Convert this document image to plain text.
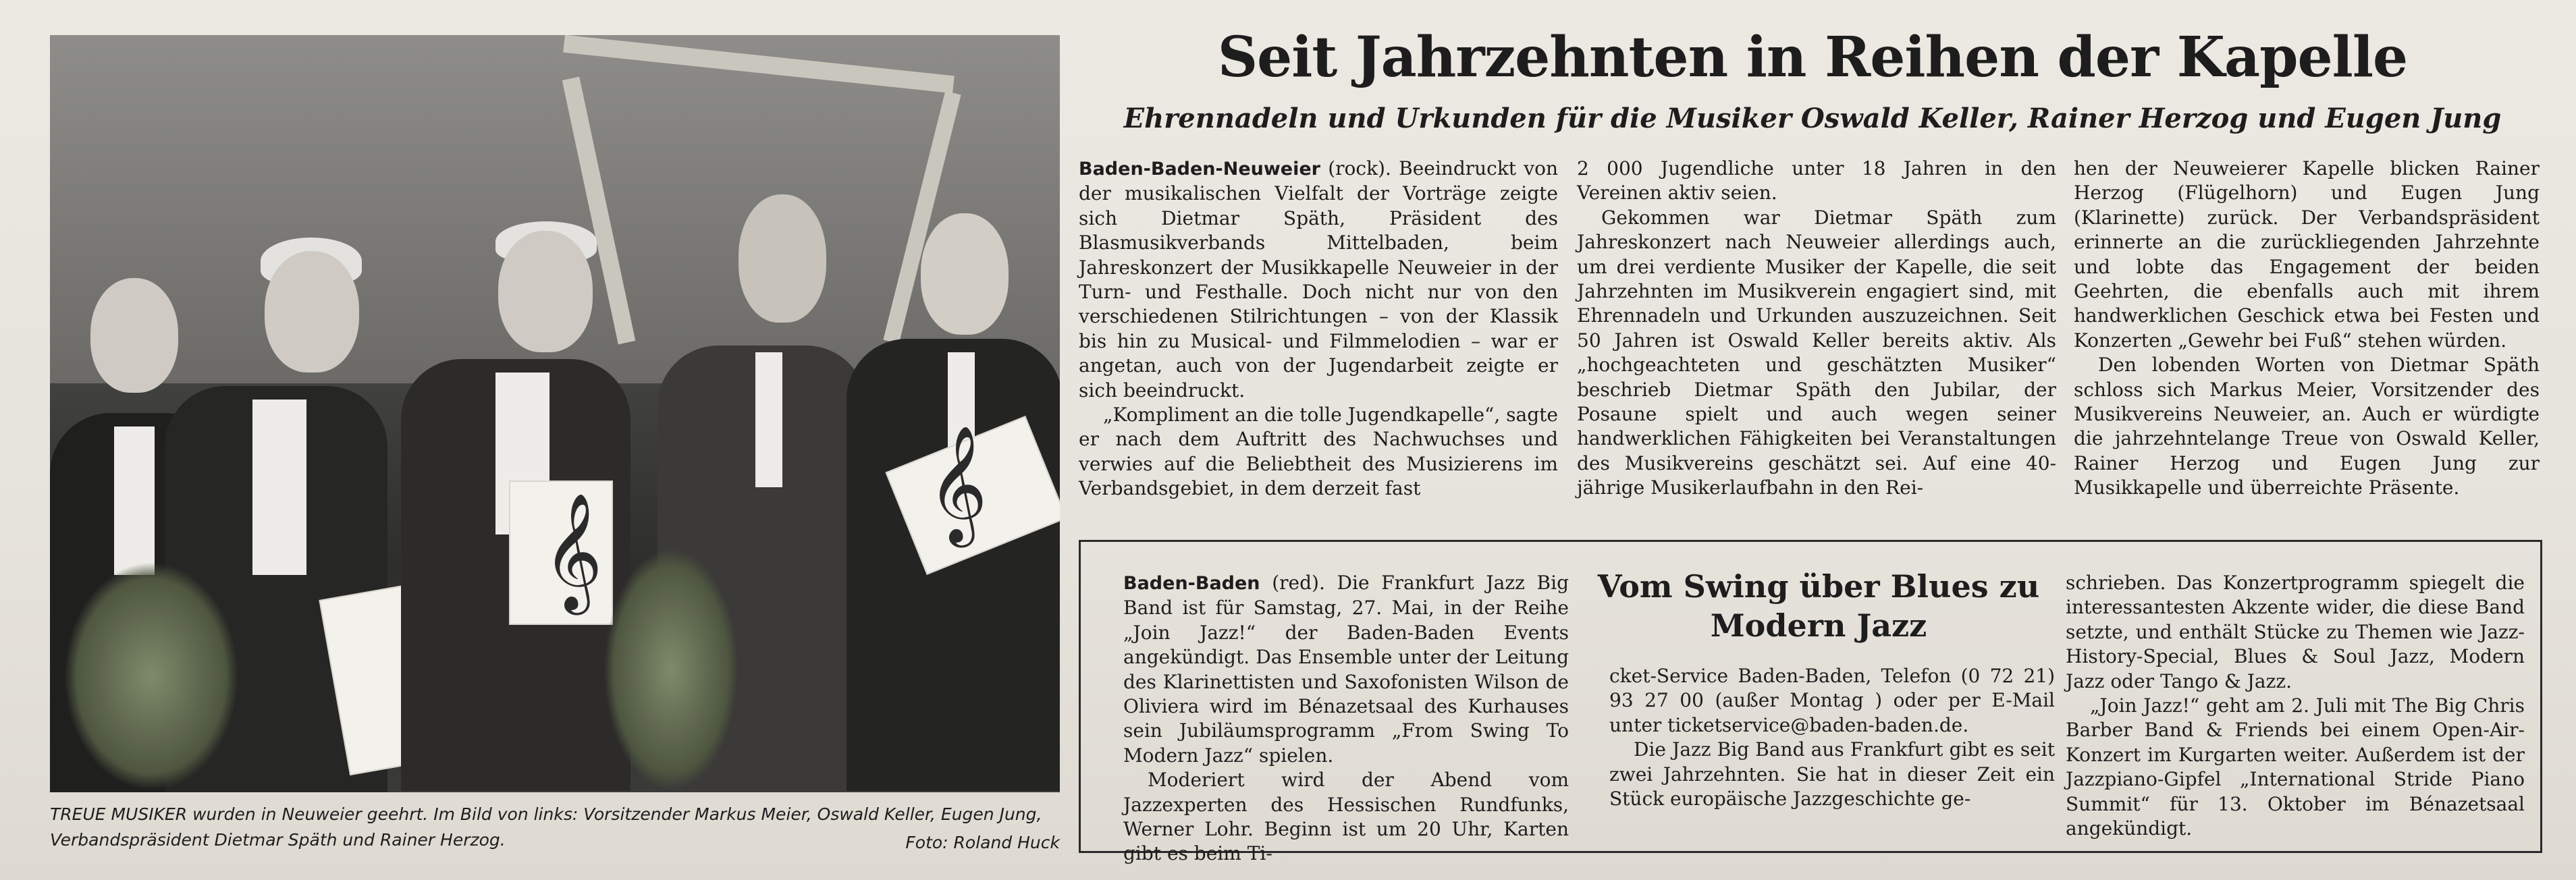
𝄞
𝄞
TREUE MUSIKER wurden in Neuweier geehrt. Im Bild von links: Vorsitzender Markus Meier, Oswald Keller, Eugen Jung, Verbandspräsident Dietmar Späth und Rainer Herzog.	Foto: Roland Huck
Seit Jahrzehnten in Reihen der Kapelle
Ehrennadeln und Urkunden für die Musiker Oswald Keller, Rainer Herzog und Eugen Jung

Baden-Baden-Neuweier (rock). Beeindruckt von der musikalischen Vielfalt der Vorträge zeigte sich Dietmar Späth, Präsident des Blasmusikverbands Mittelbaden, beim Jahreskonzert der Musikkapelle Neuweier in der Turn- und Festhalle. Doch nicht nur von den verschiedenen Stilrichtungen – von der Klassik bis hin zu Musical- und Filmmelodien – war er angetan, auch von der Jugendarbeit zeigte er sich beeindruckt.

„Kompliment an die tolle Jugendkapelle“, sagte er nach dem Auftritt des Nachwuchses und verwies auf die Beliebtheit des Musizierens im Verbandsgebiet, in dem derzeit fast

2 000 Jugendliche unter 18 Jahren in den Vereinen aktiv seien.

Gekommen war Dietmar Späth zum Jahreskonzert nach Neuweier allerdings auch, um drei verdiente Musiker der Kapelle, die seit Jahrzehnten im Musikverein engagiert sind, mit Ehrennadeln und Urkunden auszuzeichnen. Seit 50 Jahren ist Oswald Keller bereits aktiv. Als „hochgeachteten und geschätzten Musiker“ beschrieb Dietmar Späth den Jubilar, der Posaune spielt und auch wegen seiner handwerklichen Fähigkeiten bei Veranstaltungen des Musikvereins geschätzt sei. Auf eine 40-jährige Musikerlaufbahn in den Rei-

hen der Neuweierer Kapelle blicken Rainer Herzog (Flügelhorn) und Eugen Jung (Klarinette) zurück. Der Verbandspräsident erinnerte an die zurückliegenden Jahrzehnte und lobte das Engagement der beiden Geehrten, die ebenfalls auch mit ihrem handwerklichen Geschick etwa bei Festen und Konzerten „Gewehr bei Fuß“ stehen würden.

Den lobenden Worten von Dietmar Späth schloss sich Markus Meier, Vorsitzender des Musikvereins Neuweier, an. Auch er würdigte die jahrzehntelange Treue von Oswald Keller, Rainer Herzog und Eugen Jung zur Musikkapelle und überreichte Präsente.

Vom Swing über Blues zu Modern Jazz

Baden-Baden (red). Die Frankfurt Jazz Big Band ist für Samstag, 27. Mai, in der Reihe „Join Jazz!“ der Baden-Baden Events angekündigt. Das Ensemble unter der Leitung des Klarinettisten und Saxofonisten Wilson de Oliviera wird im Bénazetsaal des Kurhauses sein Jubiläumsprogramm „From Swing To Modern Jazz“ spielen.

Moderiert wird der Abend vom Jazzexperten des Hessischen Rundfunks, Werner Lohr. Beginn ist um 20 Uhr, Karten gibt es beim Ti-

cket-Service Baden-Baden, Telefon (0 72 21) 93 27 00 (außer Montag ) oder per E-Mail unter ticketservice@baden-baden.de.

Die Jazz Big Band aus Frankfurt gibt es seit zwei Jahrzehnten. Sie hat in dieser Zeit ein Stück europäische Jazzgeschichte ge-

schrieben. Das Konzertprogramm spiegelt die interessantesten Akzente wider, die diese Band setzte, und enthält Stücke zu Themen wie Jazz-History-Special, Blues & Soul Jazz, Modern Jazz oder Tango & Jazz.

„Join Jazz!“ geht am 2. Juli mit The Big Chris Barber Band & Friends bei einem Open-Air-Konzert im Kurgarten weiter. Außerdem ist der Jazzpiano-Gipfel „International Stride Piano Summit“ für 13. Oktober im Bénazetsaal angekündigt.
